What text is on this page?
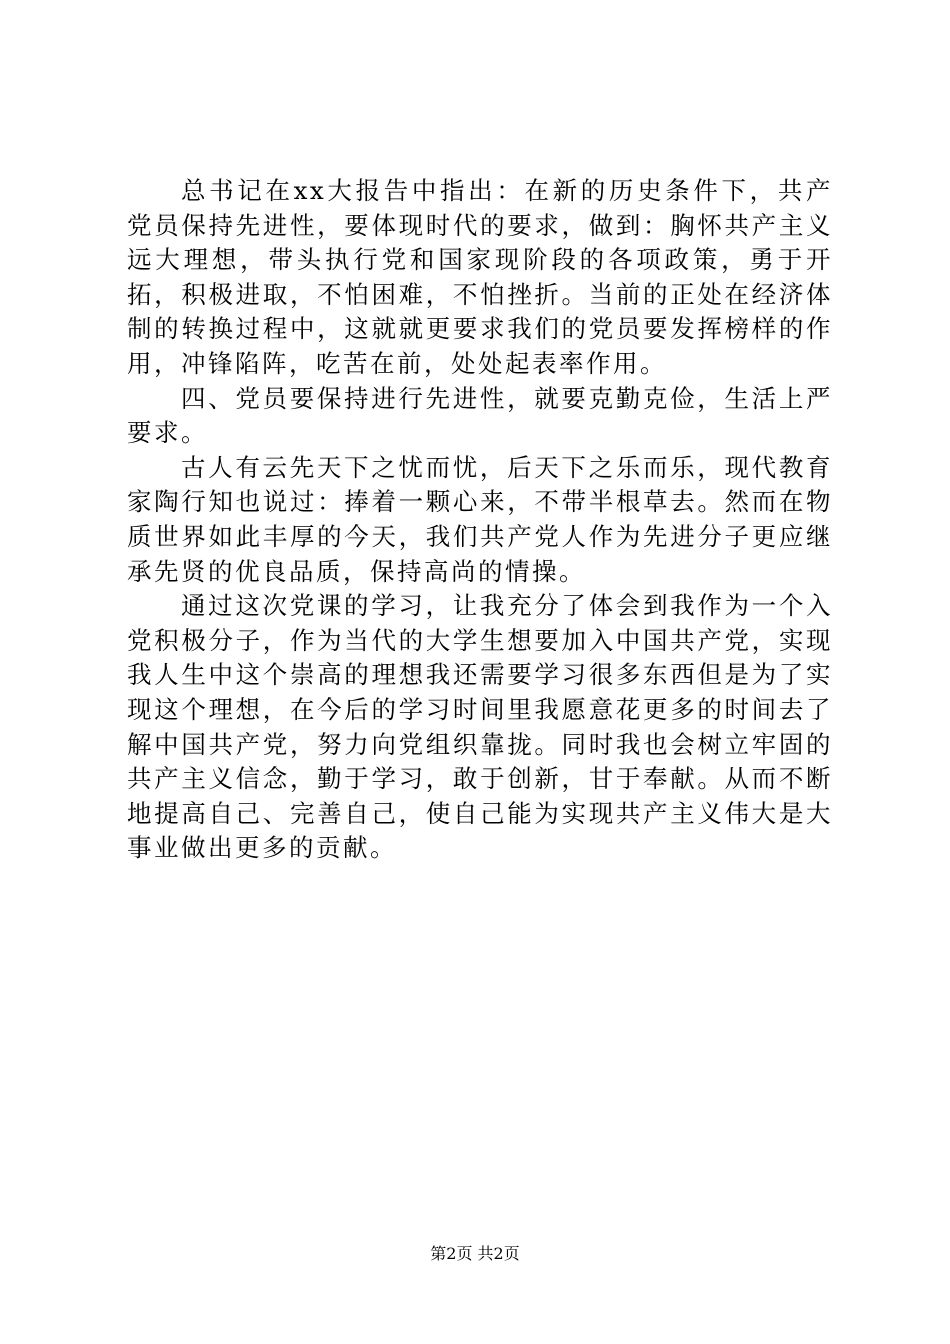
总书记在xx大报告中指出：在新的历史条件下，共产党员保持先进性，要体现时代的要求，做到：胸怀共产主义远大理想，带头执行党和国家现阶段的各项政策，勇于开拓，积极进取，不怕困难，不怕挫折。当前的正处在经济体制的转换过程中，这就就更要求我们的党员要发挥榜样的作用，冲锋陷阵，吃苦在前，处处起表率作用。

四、党员要保持进行先进性，就要克勤克俭，生活上严要求。

古人有云先天下之忧而忧，后天下之乐而乐，现代教育家陶行知也说过：捧着一颗心来，不带半根草去。然而在物质世界如此丰厚的今天，我们共产党人作为先进分子更应继承先贤的优良品质，保持高尚的情操。

通过这次党课的学习，让我充分了体会到我作为一个入党积极分子，作为当代的大学生想要加入中国共产党，实现我人生中这个崇高的理想我还需要学习很多东西但是为了实现这个理想，在今后的学习时间里我愿意花更多的时间去了解中国共产党，努力向党组织靠拢。同时我也会树立牢固的共产主义信念，勤于学习，敢于创新，甘于奉献。从而不断地提高自己、完善自己，使自己能为实现共产主义伟大是大事业做出更多的贡献。

第2页 共2页
